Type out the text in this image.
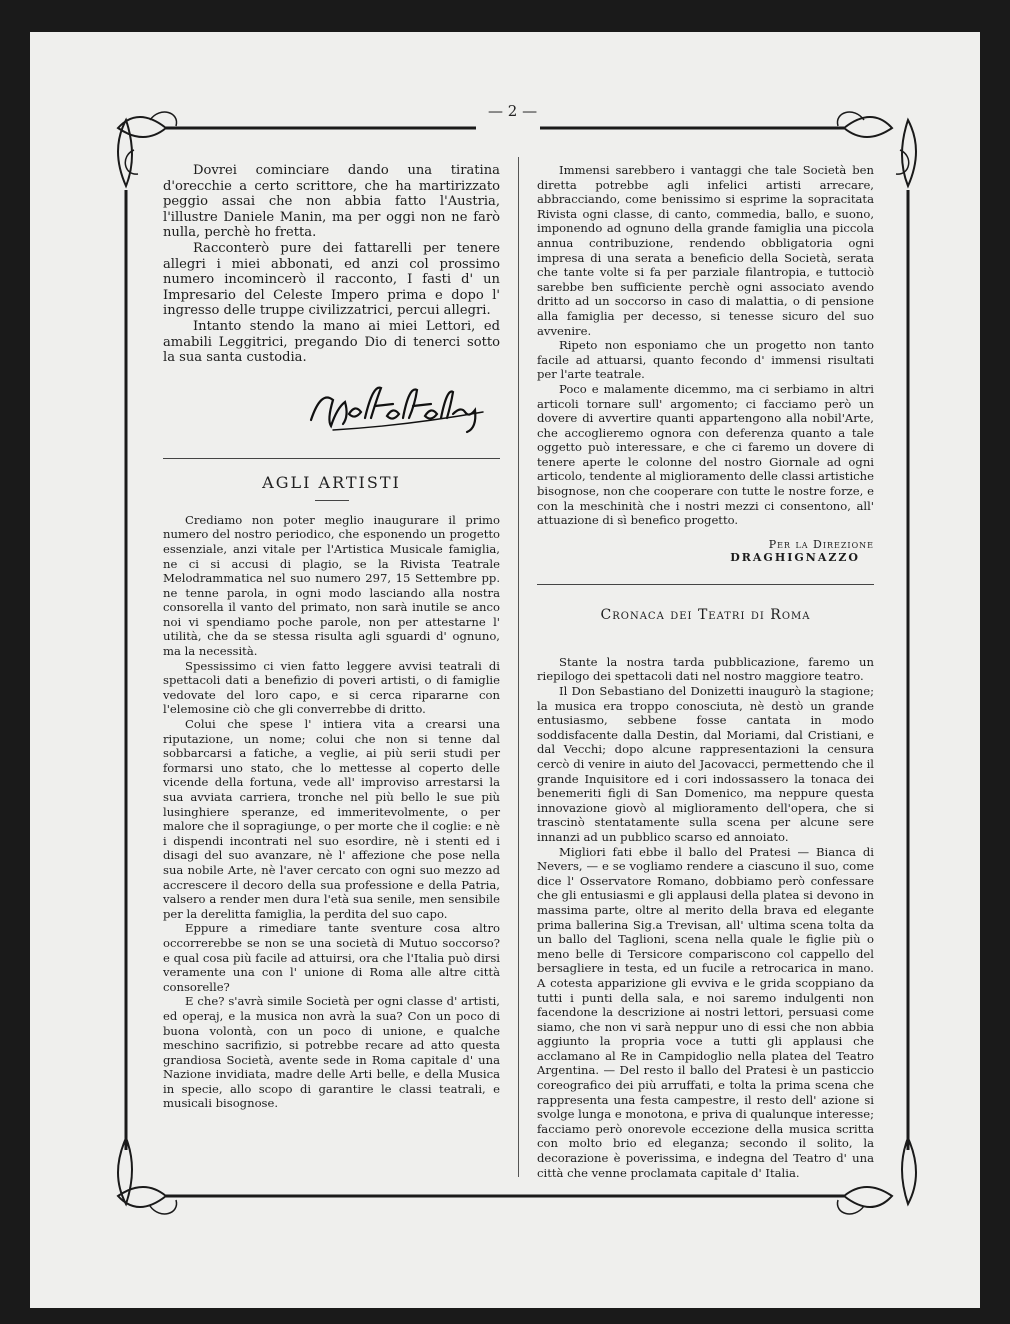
— 2 —

Dovrei cominciare dando una tiratina d'orecchie a certo scrittore, che ha martirizzato peggio assai che non abbia fatto l'Austria, l'illustre Daniele Manin, ma per oggi non ne farò nulla, perchè ho fretta.

Racconterò pure dei fattarelli per tenere allegri i miei abbonati, ed anzi col prossimo numero incomincerò il racconto, I fasti d' un Impresario del Celeste Impero prima e dopo l' ingresso delle truppe civilizzatrici, percui allegri.

Intanto stendo la mano ai miei Lettori, ed amabili Leggitrici, pregando Dio di tenerci sotto la sua santa custodia.

AGLI ARTISTI

Crediamo non poter meglio inaugurare il primo numero del nostro periodico, che esponendo un progetto essenziale, anzi vitale per l'Artistica Musicale famiglia, ne ci si accusi di plagio, se la Rivista Teatrale Melodrammatica nel suo numero 297, 15 Settembre pp. ne tenne parola, in ogni modo lasciando alla nostra consorella il vanto del primato, non sarà inutile se anco noi vi spendiamo poche parole, non per attestarne l' utilità, che da se stessa risulta agli sguardi d' ognuno, ma la necessità.

Spessissimo ci vien fatto leggere avvisi teatrali di spettacoli dati a benefizio di poveri artisti, o di famiglie vedovate del loro capo, e si cerca ripararne con l'elemosine ciò che gli converrebbe di dritto.

Colui che spese l' intiera vita a crearsi una riputazione, un nome; colui che non si tenne dal sobbarcarsi a fatiche, a veglie, ai più serii studi per formarsi uno stato, che lo mettesse al coperto delle vicende della fortuna, vede all' improviso arrestarsi la sua avviata carriera, tronche nel più bello le sue più lusinghiere speranze, ed immeritevolmente, o per malore che il sopragiunge, o per morte che il coglie: e nè i dispendi incontrati nel suo esordire, nè i stenti ed i disagi del suo avanzare, nè l' affezione che pose nella sua nobile Arte, nè l'aver cercato con ogni suo mezzo ad accrescere il decoro della sua professione e della Patria, valsero a render men dura l'età sua senile, men sensibile per la derelitta famiglia, la perdita del suo capo.

Eppure a rimediare tante sventure cosa altro occorrerebbe se non se una società di Mutuo soccorso? e qual cosa più facile ad attuirsi, ora che l'Italia può dirsi veramente una con l' unione di Roma alle altre città consorelle?

E che? s'avrà simile Società per ogni classe d' artisti, ed operaj, e la musica non avrà la sua? Con un poco di buona volontà, con un poco di unione, e qualche meschino sacrifizio, si potrebbe recare ad atto questa grandiosa Società, avente sede in Roma capitale d' una Nazione invidiata, madre delle Arti belle, e della Musica in specie, allo scopo di garantire le classi teatrali, e musicali bisognose.

Immensi sarebbero i vantaggi che tale Società ben diretta potrebbe agli infelici artisti arrecare, abbracciando, come benissimo si esprime la sopracitata Rivista ogni classe, di canto, commedia, ballo, e suono, imponendo ad ognuno della grande famiglia una piccola annua contribuzione, rendendo obbligatoria ogni impresa di una serata a beneficio della Società, serata che tante volte si fa per parziale filantropia, e tuttociò sarebbe ben sufficiente perchè ogni associato avendo dritto ad un soccorso in caso di malattia, o di pensione alla famiglia per decesso, si tenesse sicuro del suo avvenire.

Ripeto non esponiamo che un progetto non tanto facile ad attuarsi, quanto fecondo d' immensi risultati per l'arte teatrale.

Poco e malamente dicemmo, ma ci serbiamo in altri articoli tornare sull' argomento; ci facciamo però un dovere di avvertire quanti appartengono alla nobil'Arte, che accoglieremo ognora con deferenza quanto a tale oggetto può interessare, e che ci faremo un dovere di tenere aperte le colonne del nostro Giornale ad ogni articolo, tendente al miglioramento delle classi artistiche bisognose, non che cooperare con tutte le nostre forze, e con la meschinità che i nostri mezzi ci consentono, all' attuazione di sì benefico progetto.

Per la Direzione
DRAGHIGNAZZO
Cronaca dei Teatri di Roma

Stante la nostra tarda pubblicazione, faremo un riepilogo dei spettacoli dati nel nostro maggiore teatro.

Il Don Sebastiano del Donizetti inaugurò la stagione; la musica era troppo conosciuta, nè destò un grande entusiasmo, sebbene fosse cantata in modo soddisfacente dalla Destin, dal Moriami, dal Cristiani, e dal Vecchi; dopo alcune rappresentazioni la censura cercò di venire in aiuto del Jacovacci, permettendo che il grande Inquisitore ed i cori indossassero la tonaca dei benemeriti figli di San Domenico, ma neppure questa innovazione giovò al miglioramento dell'opera, che si trascinò stentatamente sulla scena per alcune sere innanzi ad un pubblico scarso ed annoiato.

Migliori fati ebbe il ballo del Pratesi — Bianca di Nevers, — e se vogliamo rendere a ciascuno il suo, come dice l' Osservatore Romano, dobbiamo però confessare che gli entusiasmi e gli applausi della platea si devono in massima parte, oltre al merito della brava ed elegante prima ballerina Sig.a Trevisan, all' ultima scena tolta da un ballo del Taglioni, scena nella quale le figlie più o meno belle di Tersicore compariscono col cappello del bersagliere in testa, ed un fucile a retrocarica in mano. A cotesta apparizione gli evviva e le grida scoppiano da tutti i punti della sala, e noi saremo indulgenti non facendone la descrizione ai nostri lettori, persuasi come siamo, che non vi sarà neppur uno di essi che non abbia aggiunto la propria voce a tutti gli applausi che acclamano al Re in Campidoglio nella platea del Teatro Argentina. — Del resto il ballo del Pratesi è un pasticcio coreografico dei più arruffati, e tolta la prima scena che rappresenta una festa campestre, il resto dell' azione si svolge lunga e monotona, e priva di qualunque interesse; facciamo però onorevole eccezione della musica scritta con molto brio ed eleganza; secondo il solito, la decorazione è poverissima, e indegna del Teatro d' una città che venne proclamata capitale d' Italia.
